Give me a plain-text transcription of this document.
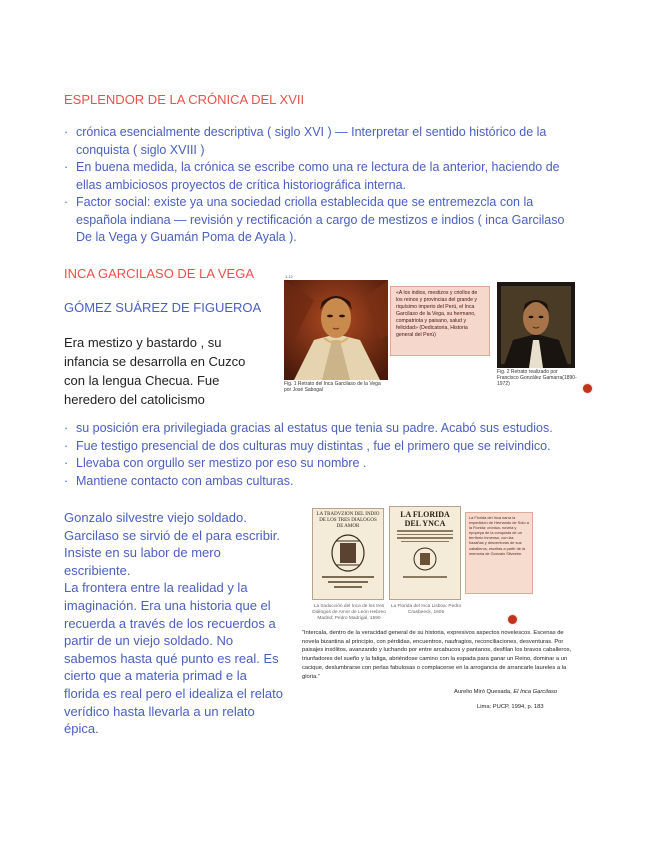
ESPLENDOR DE LA CRÓNICA DEL XVII
· crónica esencialmente descriptiva ( siglo XVI ) — Interpretar el sentido histórico de la
conquista ( siglo XVIII )
· En buena medida, la crónica se escribe como una re lectura de la anterior, haciendo de
ellas ambiciosos proyectos de crítica historiográfica interna.
· Factor social: existe ya una sociedad criolla establecida que se entremezcla con la
española indiana — revisión y rectificación a cargo de mestizos e indios ( inca Garcilaso
De la Vega y Guamán Poma de Ayala ).
INCA GARCILASO DE LA VEGA
GÓMEZ SUÁREZ DE FIGUEROA
Era mestizo y bastardo , su
infancia se desarrolla en Cuzco
con la lengua Checua. Fue
heredero del catolicismo
Fig. 1 Retrato del Inca Garcilaso de la Vega por José Sabogal
1.12
«A los indios, mestizos y criollos de los reinos y provincias del grande y riquísimo imperio del Perú, el Inca Garcilaso de la Vega, su hermano, compatriota y paisano, salud y felicidad» (Dedicatoria, Historia general del Perú)
Fig. 2 Retrato realizado por Francisco González Gamarra(1890-1972)
· su posición era privilegiada gracias al estatus que tenia su padre. Acabó sus estudios.
· Fue testigo presencial de dos culturas muy distintas , fue el primero que se reivindico.
· Llevaba con orgullo ser mestizo por eso su nombre .
· Mantiene contacto con ambas culturas.
Gonzalo silvestre viejo soldado.
Garcilaso se sirvió de el para escribir.
Insiste en su labor de mero
escribiente.
La frontera entre la realidad y la
imaginación. Era una historia que el
recuerda a través de los recuerdos a
partir de un viejo soldado. No
sabemos hasta qué punto es real. Es
cierto que a materia primad e la
florida es real pero el idealiza el relato
verídico hasta llevarla a un relato
épica.
LA TRADVZION DEL INDIO DE LOS TRES DIALOGOS DE AMOR
La traducción del Inca de los tres Diálogos de Amor de León Hebreo Madrid: Pedro Madrigal, 1590
LA FLORIDA DEL YNCA
La Florida del Inca Lisboa: Pedro Crasbeeck, 1605
La Florida del Inca narra la expedición de Hernando de Soto a la Florida: crónica, novela y epopeya de la conquista de un territorio inmenso, con las hazañas y desventuras de sus caballeros, escritas a partir de la memoria de Gonzalo Silvestre.
“Intercala, dentro de la veracidad general de su historia, expresivos aspectos novelescos. Escenas de novela bizantina al principio, con pérdidas, encuentros, naufragios, reconciliaciones, desventuras. Por paisajes insólitos, avanzando y luchando por entre arcabucos y pantanos, desfilan los bravos caballeros, triunfadores del sueño y la fatiga, abriéndose camino con la espada para ganar un Reino, dominar a un cacique, deslumbrarse con perlas fabulosas o complacerse en la arrogancia de arrancarle laureles a la gloria.”
Aurelio Miró Quesada, El Inca Garcilaso
Lima: PUCP, 1994, p. 183
